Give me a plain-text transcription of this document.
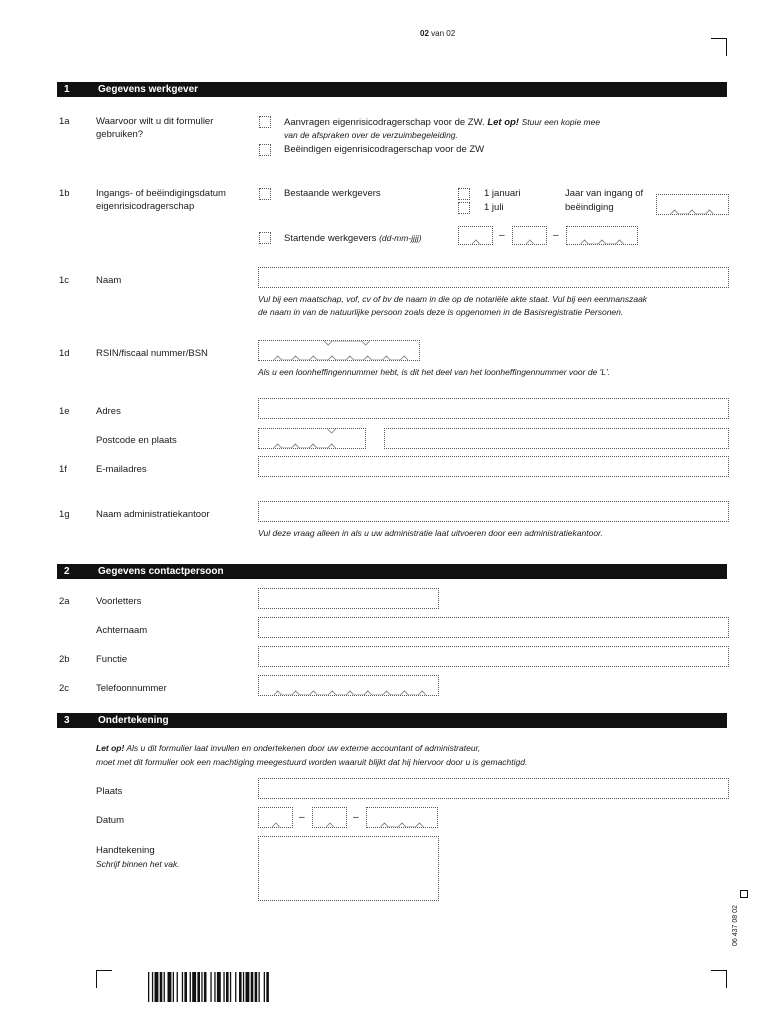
02 van 02
1	Gegevens werkgever
1a	Waarvoor wilt u dit formulier
gebruiken?
Aanvragen eigenrisicodragerschap voor de ZW. Let op! Stuur een kopie mee
van de afspraken over de verzuimbegeleiding.
Beëindigen eigenrisicodragerschap voor de ZW
1b	Ingangs- of beëindigingsdatum
eigenrisicodragerschap
Bestaande werkgevers	1 januari
1 juli
Jaar van ingang of
beëindiging
Startende werkgevers (dd-mm-jjjj)	–	–
1c	Naam
Vul bij een maatschap, vof, cv of bv de naam in die op de notariële akte staat. Vul bij een eenmanszaak
de naam in van de natuurlijke persoon zoals deze is opgenomen in de Basisregistratie Personen.
1d	RSIN/fiscaal nummer/BSN
Als u een loonheffingennummer hebt, is dit het deel van het loonheffingennummer voor de 'L'.
1e	Adres
Postcode en plaats
1f	E-mailadres
1g	Naam administratiekantoor
Vul deze vraag alleen in als u uw administratie laat uitvoeren door een administratiekantoor.
2	Gegevens contactpersoon
2a	Voorletters
Achternaam
2b	Functie
2c	Telefoonnummer
3	Ondertekening
Let op! Als u dit formulier laat invullen en ondertekenen door uw externe accountant of administrateur,
moet met dit formulier ook een machtiging meegestuurd worden waaruit blijkt dat hij hiervoor door u is gemachtigd.
Plaats
Datum	–	–
Handtekening
Schrijf binnen het vak.
06 437 08 02
